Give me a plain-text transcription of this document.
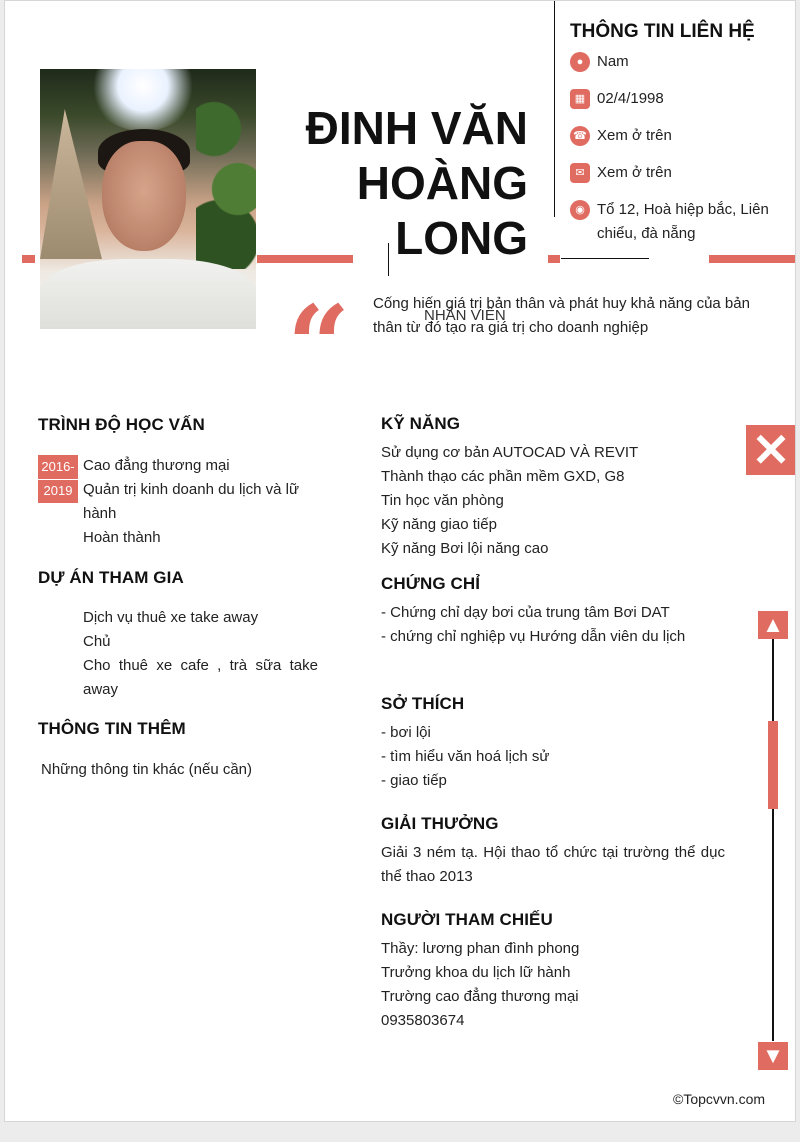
ĐINH VĂN
HOÀNG
LONG
“	NHÂN VIÊN
Cống hiến giá trị bản thân và phát huy khả năng của bản thân từ đó tạo ra giá trị cho doanh nghiệp
THÔNG TIN LIÊN HỆ
● Nam
▦ 02/4/1998
☎ Xem ở trên
✉ Xem ở trên
◉ Tổ 12, Hoà hiệp bắc, Liên chiểu, đà nẵng
TRÌNH ĐỘ HỌC VẤN
2016-
2019
Cao đẳng thương mại
Quản trị kinh doanh du lịch và lữ hành
Hoàn thành
DỰ ÁN THAM GIA
Dịch vụ thuê xe take away
Chủ
Cho thuê xe cafe , trà sữa take away
THÔNG TIN THÊM
Những thông tin khác (nếu cần)
KỸ NĂNG
Sử dụng cơ bản AUTOCAD VÀ REVIT
Thành thạo các phần mềm GXD, G8
Tin học văn phòng
Kỹ năng giao tiếp
Kỹ năng Bơi lội năng cao
CHỨNG CHỈ
- Chứng chỉ dạy bơi của trung tâm Bơi DAT
- chứng chỉ nghiệp vụ Hướng dẫn viên du lịch
SỞ THÍCH
- bơi lội
- tìm hiểu văn hoá lịch sử
- giao tiếp
GIẢI THƯỞNG
Giải 3 ném tạ. Hội thao tổ chức tại trường thể dục thể thao 2013
NGƯỜI THAM CHIẾU
Thầy: lương phan đình phong
Trưởng khoa du lịch lữ hành
Trường cao đẳng thương mại
0935803674
✕
▲
▼
©Topcvvn.com
